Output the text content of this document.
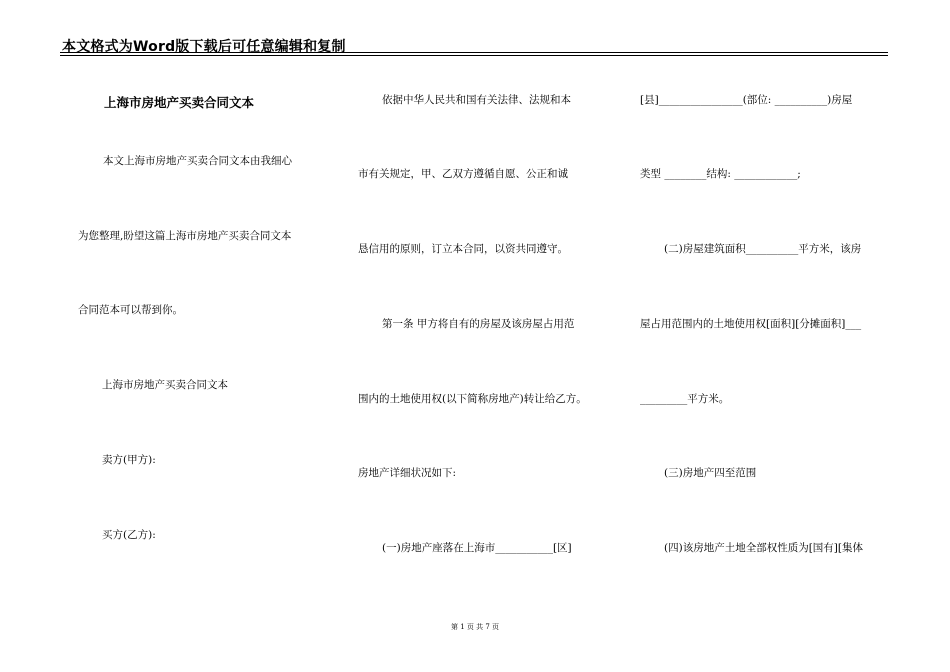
本文格式为Word版下载后可任意编辑和复制
上海市房地产买卖合同文本
本文上海市房地产买卖合同文本由我细心
为您整理,盼望这篇上海市房地产买卖合同文本
合同范本可以帮到你。
上海市房地产买卖合同文本
卖方(甲方):
买方(乙方):
依据中华人民共和国有关法律、法规和本
市有关规定，甲、乙双方遵循自愿、公正和诚
恳信用的原则，订立本合同，以资共同遵守。
第一条 甲方将自有的房屋及该房屋占用范
围内的土地使用权(以下简称房地产)转让给乙方。
房地产详细状况如下:
(一)房地产座落在上海市___________[区]
[县]________________(部位: __________)房屋
类型 ________结构: ____________;
(二)房屋建筑面积__________平方米，该房
屋占用范围内的土地使用权[面积][分摊面积]___
_________平方米。
(三)房地产四至范围
(四)该房地产土地全部权性质为[国有][集体
第 1 页 共 7 页
